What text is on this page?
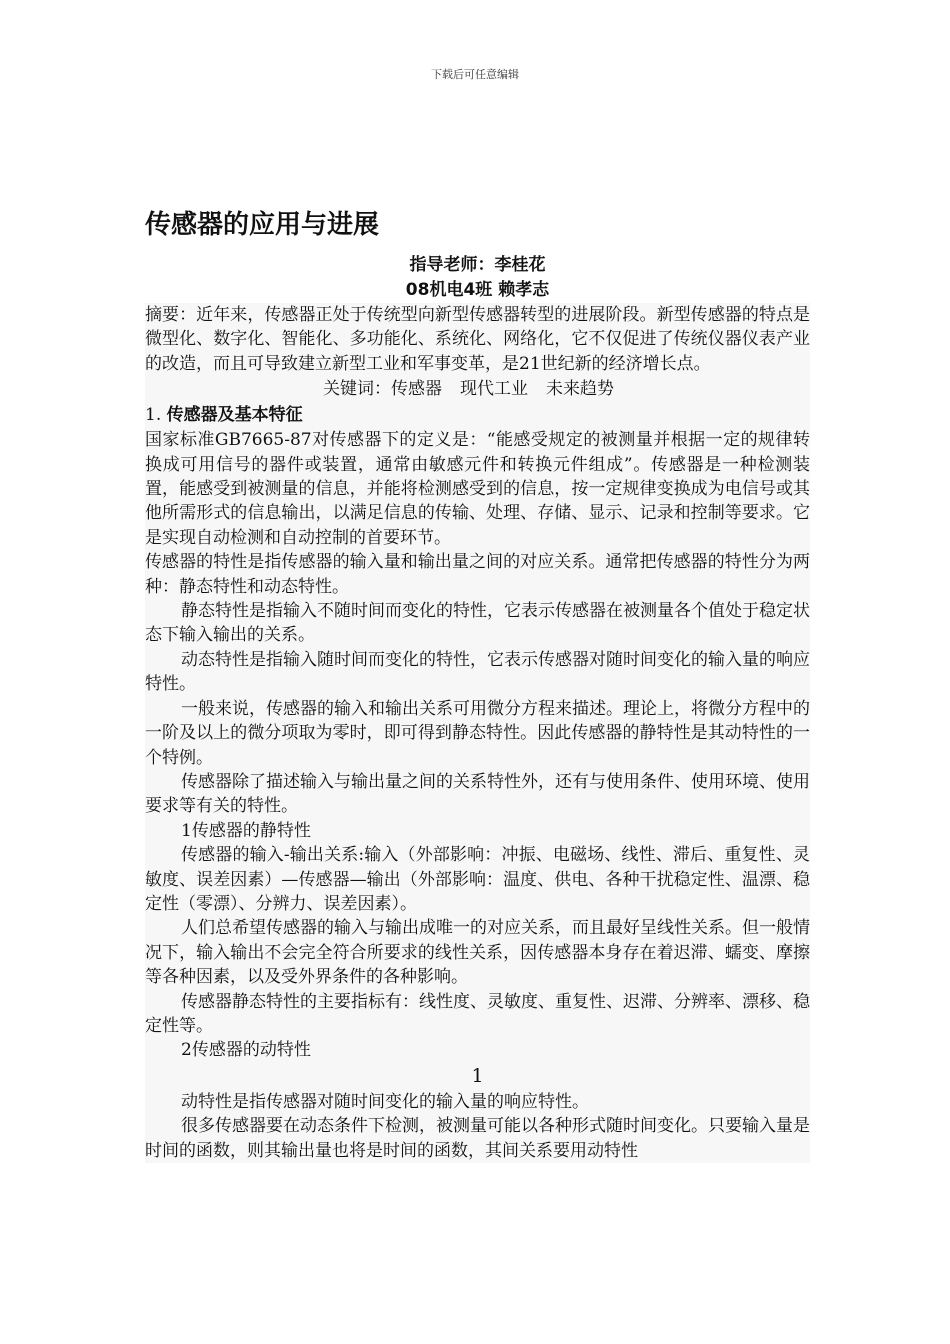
下载后可任意编辑
传感器的应用与进展
指导老师：李桂花
08机电4班 赖孝志

摘要：近年来，传感器正处于传统型向新型传感器转型的进展阶段。新型传感器的特点是微型化、数字化、智能化、多功能化、系统化、网络化，它不仅促进了传统仪器仪表产业的改造，而且可导致建立新型工业和军事变革，是21世纪新的经济增长点。

关键词：传感器 现代工业 未来趋势
1. 传感器及基本特征

国家标准GB7665-87对传感器下的定义是：“能感受规定的被测量并根据一定的规律转换成可用信号的器件或装置，通常由敏感元件和转换元件组成”。传感器是一种检测装置，能感受到被测量的信息，并能将检测感受到的信息，按一定规律变换成为电信号或其他所需形式的信息输出，以满足信息的传输、处理、存储、显示、记录和控制等要求。它是实现自动检测和自动控制的首要环节。

传感器的特性是指传感器的输入量和输出量之间的对应关系。通常把传感器的特性分为两种：静态特性和动态特性。

静态特性是指输入不随时间而变化的特性，它表示传感器在被测量各个值处于稳定状态下输入输出的关系。

动态特性是指输入随时间而变化的特性，它表示传感器对随时间变化的输入量的响应特性。

一般来说，传感器的输入和输出关系可用微分方程来描述。理论上，将微分方程中的一阶及以上的微分项取为零时，即可得到静态特性。因此传感器的静特性是其动特性的一个特例。

传感器除了描述输入与输出量之间的关系特性外，还有与使用条件、使用环境、使用要求等有关的特性。

1传感器的静特性

传感器的输入-输出关系:输入（外部影响：冲振、电磁场、线性、滞后、重复性、灵敏度、误差因素）—传感器—输出（外部影响：温度、供电、各种干扰稳定性、温漂、稳定性（零漂）、分辨力、误差因素）。

人们总希望传感器的输入与输出成唯一的对应关系，而且最好呈线性关系。但一般情况下，输入输出不会完全符合所要求的线性关系，因传感器本身存在着迟滞、蠕变、摩擦等各种因素，以及受外界条件的各种影响。

传感器静态特性的主要指标有：线性度、灵敏度、重复性、迟滞、分辨率、漂移、稳定性等。

2传感器的动特性

1

动特性是指传感器对随时间变化的输入量的响应特性。

很多传感器要在动态条件下检测，被测量可能以各种形式随时间变化。只要输入量是时间的函数，则其输出量也将是时间的函数，其间关系要用动特性
